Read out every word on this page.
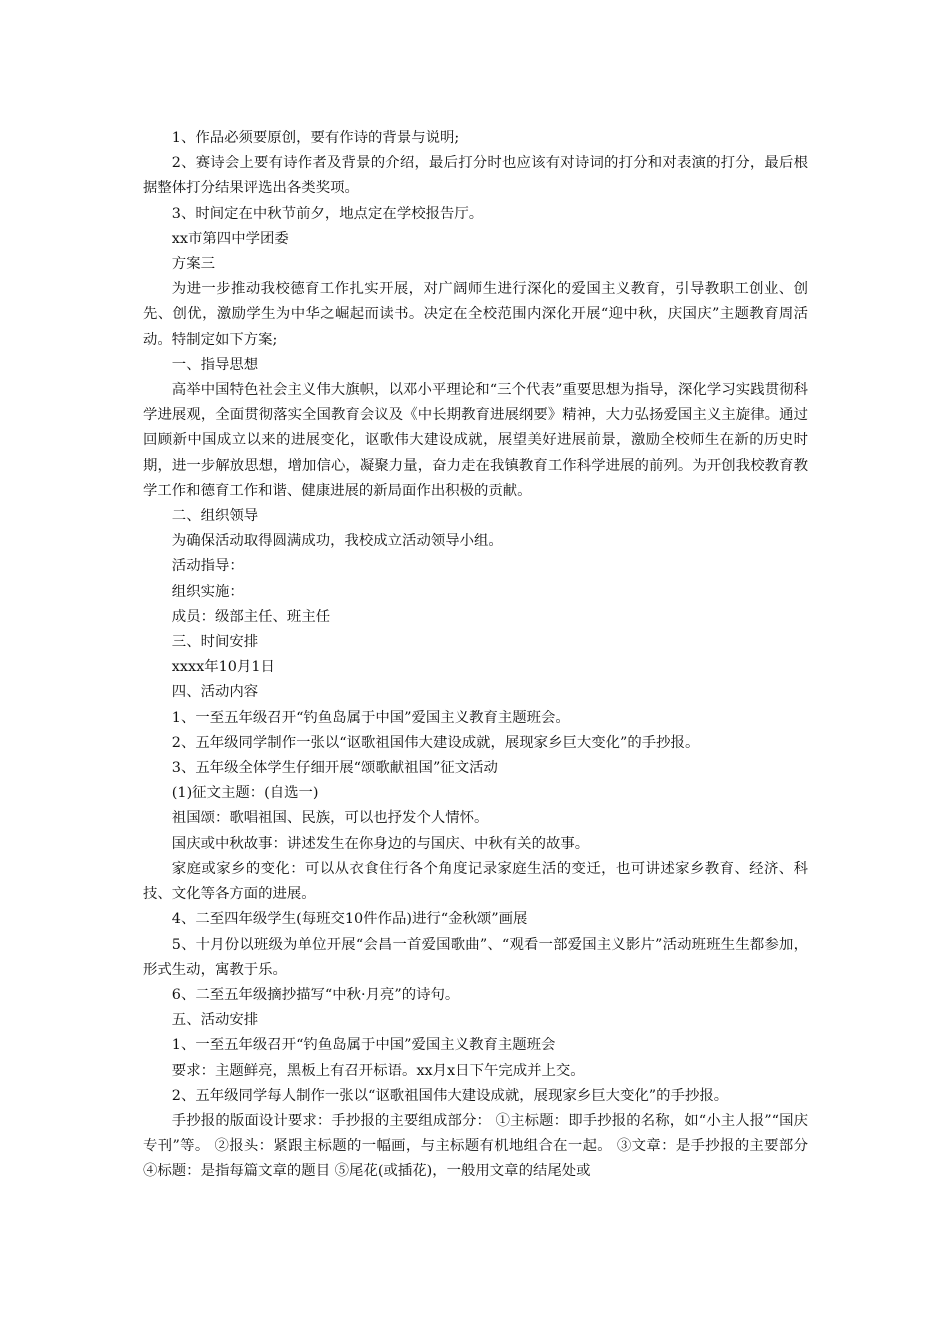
1、作品必须要原创，要有作诗的背景与说明;

2、赛诗会上要有诗作者及背景的介绍，最后打分时也应该有对诗词的打分和对表演的打分，最后根据整体打分结果评选出各类奖项。

3、时间定在中秋节前夕，地点定在学校报告厅。

xx市第四中学团委

方案三

为进一步推动我校德育工作扎实开展，对广阔师生进行深化的爱国主义教育，引导教职工创业、创先、创优，激励学生为中华之崛起而读书。决定在全校范围内深化开展“迎中秋，庆国庆”主题教育周活动。特制定如下方案;

一、指导思想

高举中国特色社会主义伟大旗帜，以邓小平理论和“三个代表”重要思想为指导，深化学习实践贯彻科学进展观，全面贯彻落实全国教育会议及《中长期教育进展纲要》精神，大力弘扬爱国主义主旋律。通过回顾新中国成立以来的进展变化，讴歌伟大建设成就，展望美好进展前景，激励全校师生在新的历史时期，进一步解放思想，增加信心，凝聚力量，奋力走在我镇教育工作科学进展的前列。为开创我校教育教学工作和德育工作和谐、健康进展的新局面作出积极的贡献。

二、组织领导

为确保活动取得圆满成功，我校成立活动领导小组。

活动指导：

组织实施：

成员：级部主任、班主任

三、时间安排

xxxx年10月1日

四、活动内容

1、一至五年级召开“钓鱼岛属于中国”爱国主义教育主题班会。

2、五年级同学制作一张以“讴歌祖国伟大建设成就，展现家乡巨大变化”的手抄报。

3、五年级全体学生仔细开展“颂歌献祖国”征文活动

(1)征文主题：(自选一)

祖国颂：歌唱祖国、民族，可以也抒发个人情怀。

国庆或中秋故事：讲述发生在你身边的与国庆、中秋有关的故事。

家庭或家乡的变化：可以从衣食住行各个角度记录家庭生活的变迁，也可讲述家乡教育、经济、科技、文化等各方面的进展。

4、二至四年级学生(每班交10件作品)进行“金秋颂”画展

5、十月份以班级为单位开展“会昌一首爱国歌曲”、“观看一部爱国主义影片”活动班班生生都参加，形式生动，寓教于乐。

6、二至五年级摘抄描写“中秋·月亮”的诗句。

五、活动安排

1、一至五年级召开“钓鱼岛属于中国”爱国主义教育主题班会

要求：主题鲜亮，黑板上有召开标语。xx月x日下午完成并上交。

2、五年级同学每人制作一张以“讴歌祖国伟大建设成就，展现家乡巨大变化”的手抄报。

手抄报的版面设计要求：手抄报的主要组成部分： ①主标题：即手抄报的名称，如“小主人报”“国庆专刊”等。 ②报头：紧跟主标题的一幅画，与主标题有机地组合在一起。 ③文章：是手抄报的主要部分 ④标题：是指每篇文章的题目 ⑤尾花(或插花)，一般用文章的结尾处或
